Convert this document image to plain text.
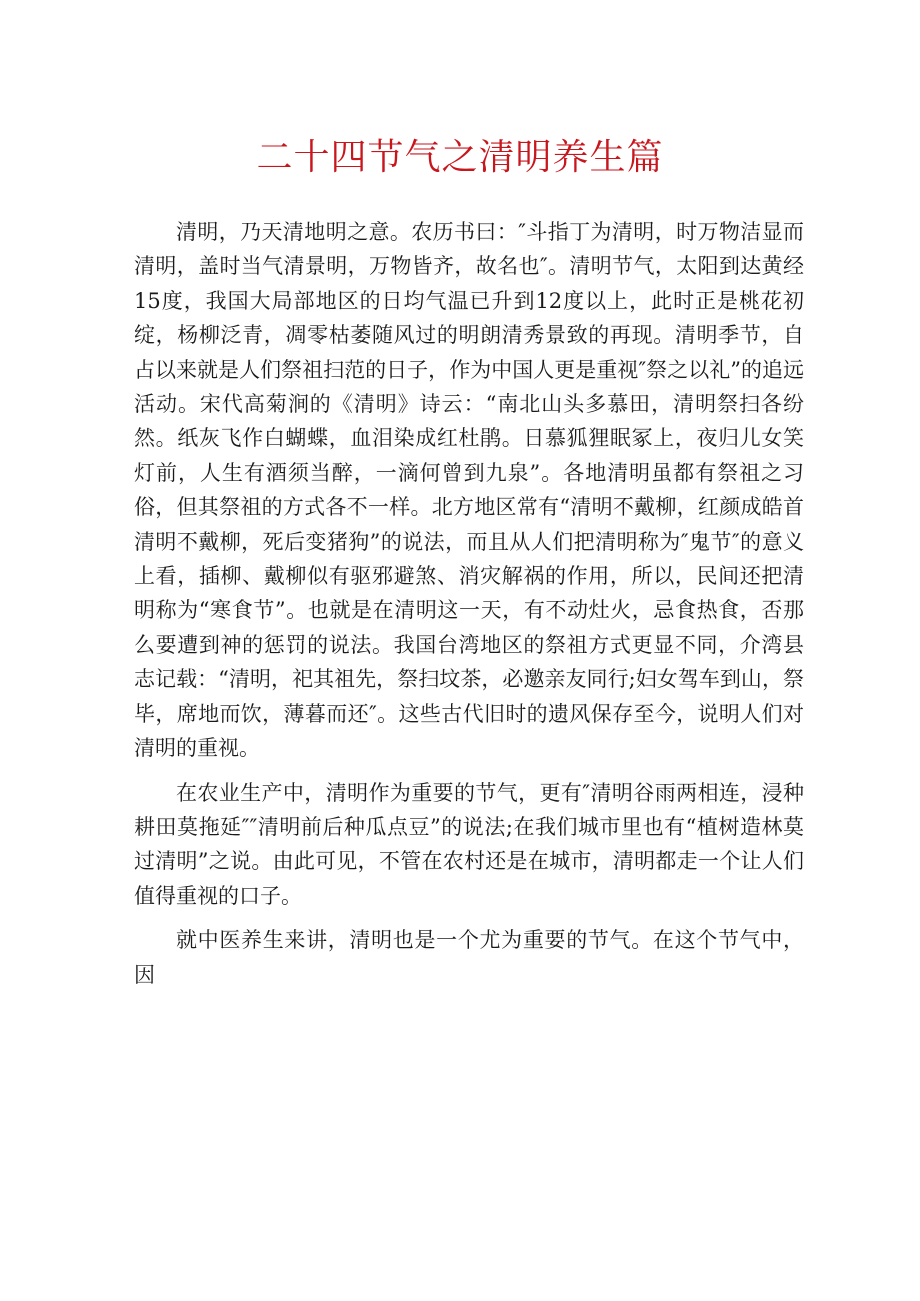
二十四节气之清明养生篇

清明，乃天清地明之意。农历书曰：″斗指丁为清明，时万物洁显而清明，盖时当气清景明，万物皆齐，故名也″。清明节气，太阳到达黄经15度，我国大局部地区的日均气温已升到12度以上，此时正是桃花初绽，杨柳泛青，凋零枯萎随风过的明朗清秀景致的再现。清明季节，自占以来就是人们祭祖扫范的日子，作为中国人更是重视″祭之以礼”的追远活动。宋代高菊涧的《清明》诗云：“南北山头多慕田，清明祭扫各纷然。纸灰飞作白蝴蝶，血泪染成红杜鹃。日慕狐狸眠冢上，夜归儿女笑灯前，人生有酒须当醉，一滴何曾到九泉”。各地清明虽都有祭祖之习俗，但其祭祖的方式各不一样。北方地区常有“清明不戴柳，红颜成皓首清明不戴柳，死后变猪狗”的说法，而且从人们把清明称为″鬼节″的意义上看，插柳、戴柳似有驱邪避煞、消灾解祸的作用，所以，民间还把清明称为“寒食节”。也就是在清明这一天，有不动灶火，忌食热食，否那么要遭到神的惩罚的说法。我国台湾地区的祭祖方式更显不同，介湾县志记载：“清明，祀其祖先，祭扫坟茶，必邀亲友同行;妇女驾车到山，祭毕，席地而饮，薄暮而还″。这些古代旧时的遗风保存至今，说明人们对清明的重视。

在农业生产中，清明作为重要的节气，更有″清明谷雨两相连，浸种耕田莫拖延″″清明前后种瓜点豆”的说法;在我们城市里也有“植树造林莫过清明”之说。由此可见，不管在农村还是在城市，清明都走一个让人们值得重视的口子。

就中医养生来讲，清明也是一个尤为重要的节气。在这个节气中，因
